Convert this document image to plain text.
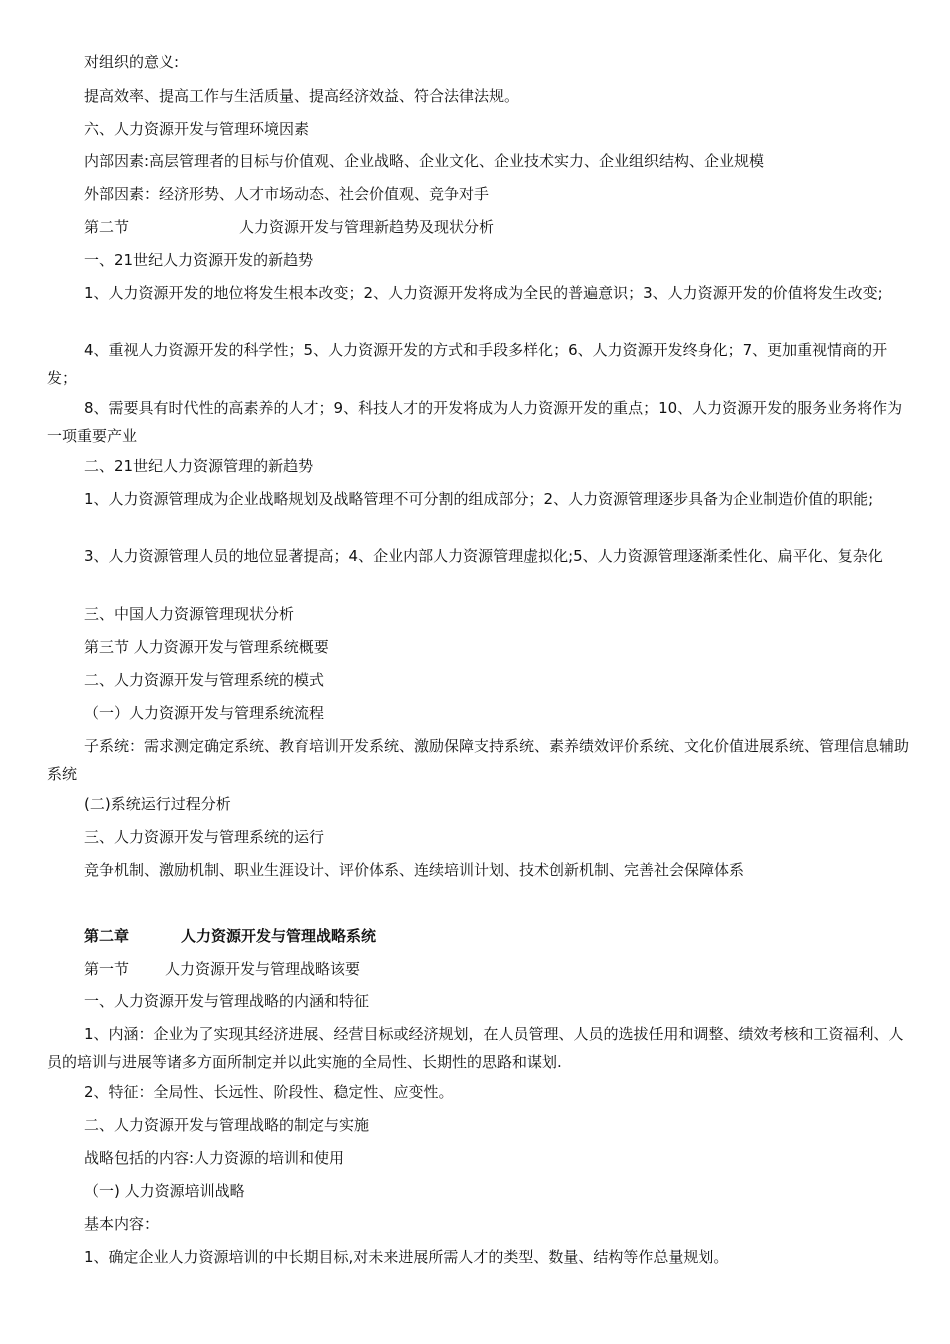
对组织的意义:
提高效率、提高工作与生活质量、提高经济效益、符合法律法规。
六、人力资源开发与管理环境因素
内部因素:高层管理者的目标与价值观、企业战略、企业文化、企业技术实力、企业组织结构、企业规模
外部因素：经济形势、人才市场动态、社会价值观、竞争对手
第二节	人力资源开发与管理新趋势及现状分析
一、21世纪人力资源开发的新趋势
1、人力资源开发的地位将发生根本改变；2、人力资源开发将成为全民的普遍意识；3、人力资源开发的价值将发生改变;
4、重视人力资源开发的科学性；5、人力资源开发的方式和手段多样化；6、人力资源开发终身化；7、更加重视情商的开发；
8、需要具有时代性的高素养的人才；9、科技人才的开发将成为人力资源开发的重点；10、人力资源开发的服务业务将作为一项重要产业
二、21世纪人力资源管理的新趋势
1、人力资源管理成为企业战略规划及战略管理不可分割的组成部分；2、人力资源管理逐步具备为企业制造价值的职能;
3、人力资源管理人员的地位显著提高；4、企业内部人力资源管理虚拟化;5、人力资源管理逐渐柔性化、扁平化、复杂化
三、中国人力资源管理现状分析
第三节 人力资源开发与管理系统概要
二、人力资源开发与管理系统的模式
（一）人力资源开发与管理系统流程
子系统：需求测定确定系统、教育培训开发系统、激励保障支持系统、素养绩效评价系统、文化价值进展系统、管理信息辅助系统
(二)系统运行过程分析
三、人力资源开发与管理系统的运行
竞争机制、激励机制、职业生涯设计、评价体系、连续培训计划、技术创新机制、完善社会保障体系
第二章	人力资源开发与管理战略系统
第一节 人力资源开发与管理战略该要
一、人力资源开发与管理战略的内涵和特征
1、内涵：企业为了实现其经济进展、经营目标或经济规划，在人员管理、人员的选拔任用和调整、绩效考核和工资福利、人员的培训与进展等诸多方面所制定并以此实施的全局性、长期性的思路和谋划.
2、特征：全局性、长远性、阶段性、稳定性、应变性。
二、人力资源开发与管理战略的制定与实施
战略包括的内容:人力资源的培训和使用
（一) 人力资源培训战略
基本内容：
1、确定企业人力资源培训的中长期目标,对未来进展所需人才的类型、数量、结构等作总量规划。
